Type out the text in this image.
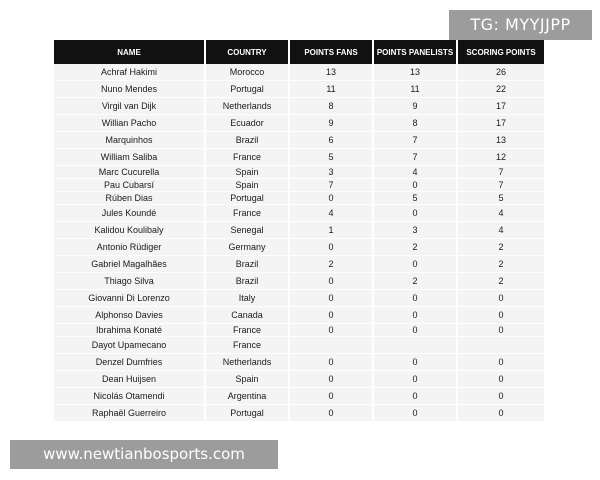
TG: MYYJJPP
NAME	COUNTRY	POINTS FANS	POINTS PANELISTS	SCORING POINTS
Achraf Hakimi	Morocco	13	13	26
Nuno Mendes	Portugal	11	11	22
Virgil van Dijk	Netherlands	8	9	17
Willian Pacho	Ecuador	9	8	17
Marquinhos	Brazil	6	7	13
William Saliba	France	5	7	12
Marc Cucurella	Spain	3	4	7
Pau Cubarsí	Spain	7	0	7
Rúben Dias	Portugal	0	5	5
Jules Koundé	France	4	0	4
Kalidou Koulibaly	Senegal	1	3	4
Antonio Rüdiger	Germany	0	2	2
Gabriel Magalhães	Brazil	2	0	2
Thiago Silva	Brazil	0	2	2
Giovanni Di Lorenzo	Italy	0	0	0
Alphonso Davies	Canada	0	0	0
Ibrahima Konaté	France	0	0	0
Dayot Upamecano	France			
Denzel Dumfries	Netherlands	0	0	0
Dean Huijsen	Spain	0	0	0
Nicolás Otamendi	Argentina	0	0	0
Raphaël Guerreiro	Portugal	0	0	0
www.newtianbosports.com
